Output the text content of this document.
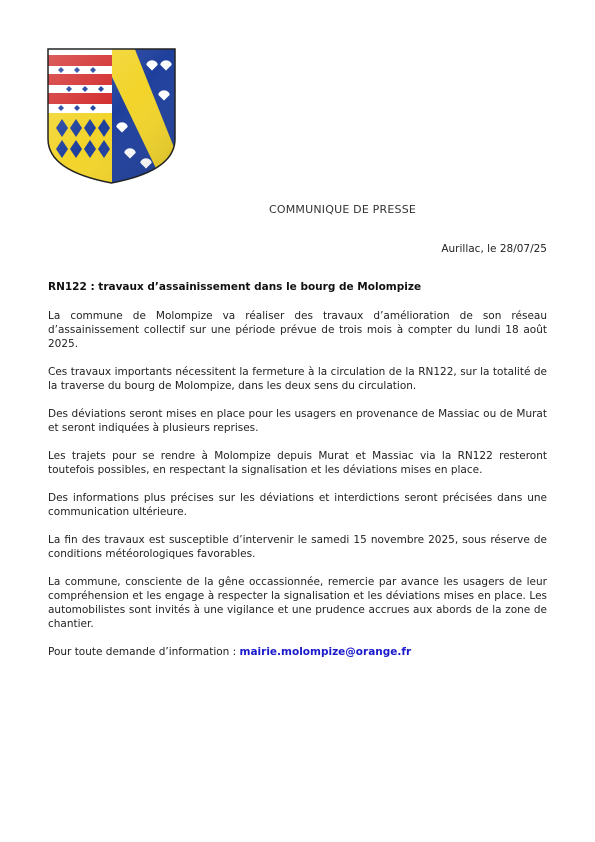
COMMUNIQUE DE PRESSE
Aurillac, le 28/07/25
RN122 : travaux d’assainissement dans le bourg de Molompize

La commune de Molompize va réaliser des travaux d’amélioration de son réseau d’assainissement collectif sur une période prévue de trois mois à compter du lundi 18 août 2025.

Ces travaux importants nécessitent la fermeture à la circulation de la RN122, sur la totalité de la traverse du bourg de Molompize, dans les deux sens du circulation.

Des déviations seront mises en place pour les usagers en provenance de Massiac ou de Murat et seront indiquées à plusieurs reprises.

Les trajets pour se rendre à Molompize depuis Murat et Massiac via la RN122 resteront toutefois possibles, en respectant la signalisation et les déviations mises en place.

Des informations plus précises sur les déviations et interdictions seront précisées dans une communication ultérieure.

La fin des travaux est susceptible d’intervenir le samedi 15 novembre 2025, sous réserve de conditions météorologiques favorables.

La commune, consciente de la gêne occassionnée, remercie par avance les usagers de leur compréhension et les engage à respecter la signalisation et les déviations mises en place. Les automobilistes sont invités à une vigilance et une prudence accrues aux abords de la zone de chantier.

Pour toute demande d’information : mairie.molompize@orange.fr
